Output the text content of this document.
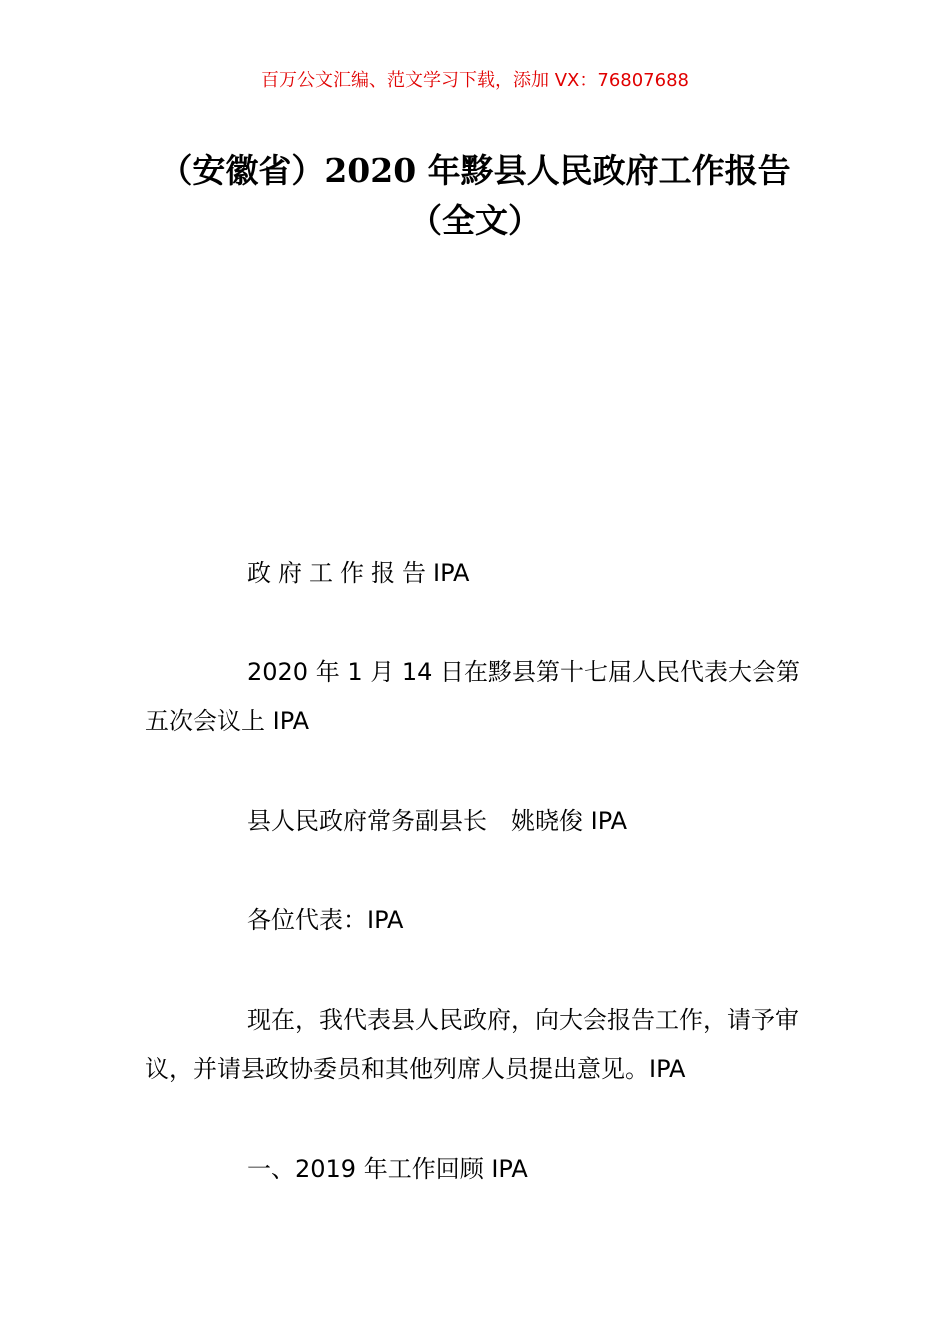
百万公文汇编、范文学习下载，添加 VX：76807688
（安徽省）2020 年黟县人民政府工作报告
（全文）

政府工作报告IPA

2020 年 1 月 14 日在黟县第十七届人民代表大会第五次会议上 IPA

县人民政府常务副县长　姚晓俊 IPA

各位代表：IPA

现在，我代表县人民政府，向大会报告工作，请予审议，并请县政协委员和其他列席人员提出意见。IPA

一、2019 年工作回顾 IPA
